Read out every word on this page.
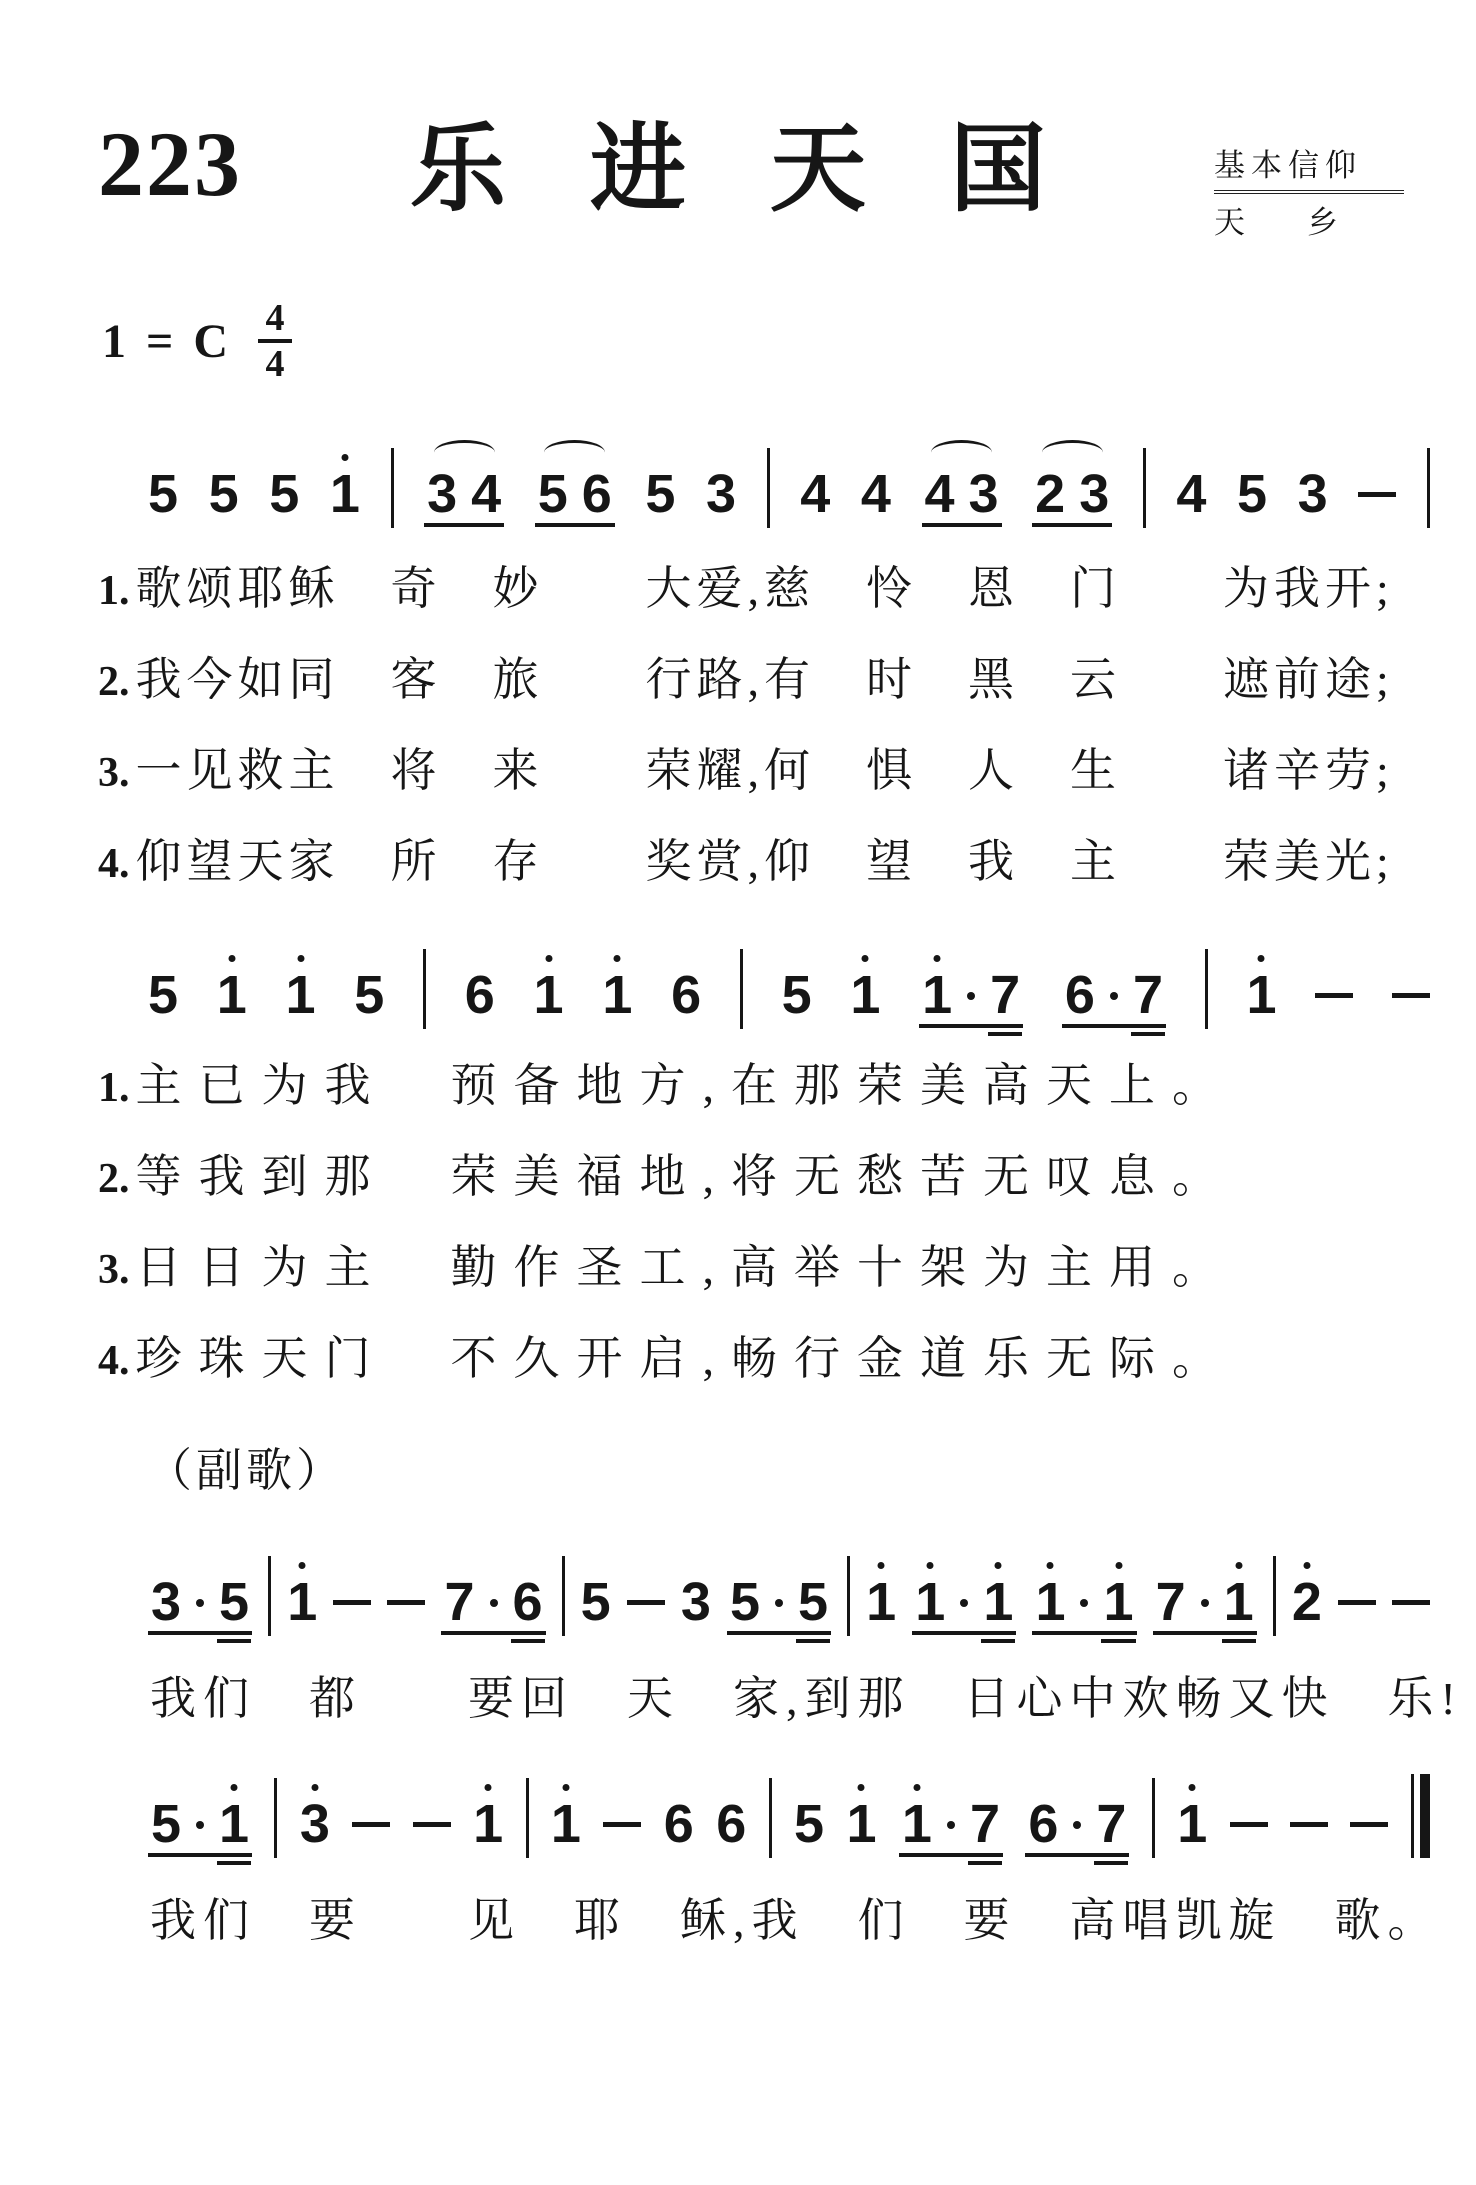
223	乐 进 天 国	基本信仰
天　　乡
1 = C $\frac{4}{4}$
5 5 5 1 3 4 5 6 5 3 4 4 4 3 2 3 4 5 3
1. 歌颂耶稣　奇　妙　　大爱,慈　怜　恩　门　　为我开;
2. 我今如同　客　旅　　行路,有　时　黑　云　　遮前途;
3. 一见救主　将　来　　荣耀,何　惧　人　生　　诸辛劳;
4. 仰望天家　所　存　　奖赏,仰　望　我　主　　荣美光;
5 1 1 5 6 1 1 6 5 1 1 7 6 7 1
1. 主已为我　预备地方,在那荣美高天上。
2. 等我到那　荣美福地,将无愁苦无叹息。
3. 日日为主　勤作圣工,高举十架为主用。
4. 珍珠天门　不久开启,畅行金道乐无际。
（副歌）
3 5 1 7 6 5 3 5 5 1 1 1 1 1 7 1 2
我们　都　　要回　天　家,到那　日心中欢畅又快　乐!
5 1 3	1 1 6 6 5 1 1 7 6 7 1
我们　要　　见　耶　稣,我　们　要　高唱凯旋　歌。
